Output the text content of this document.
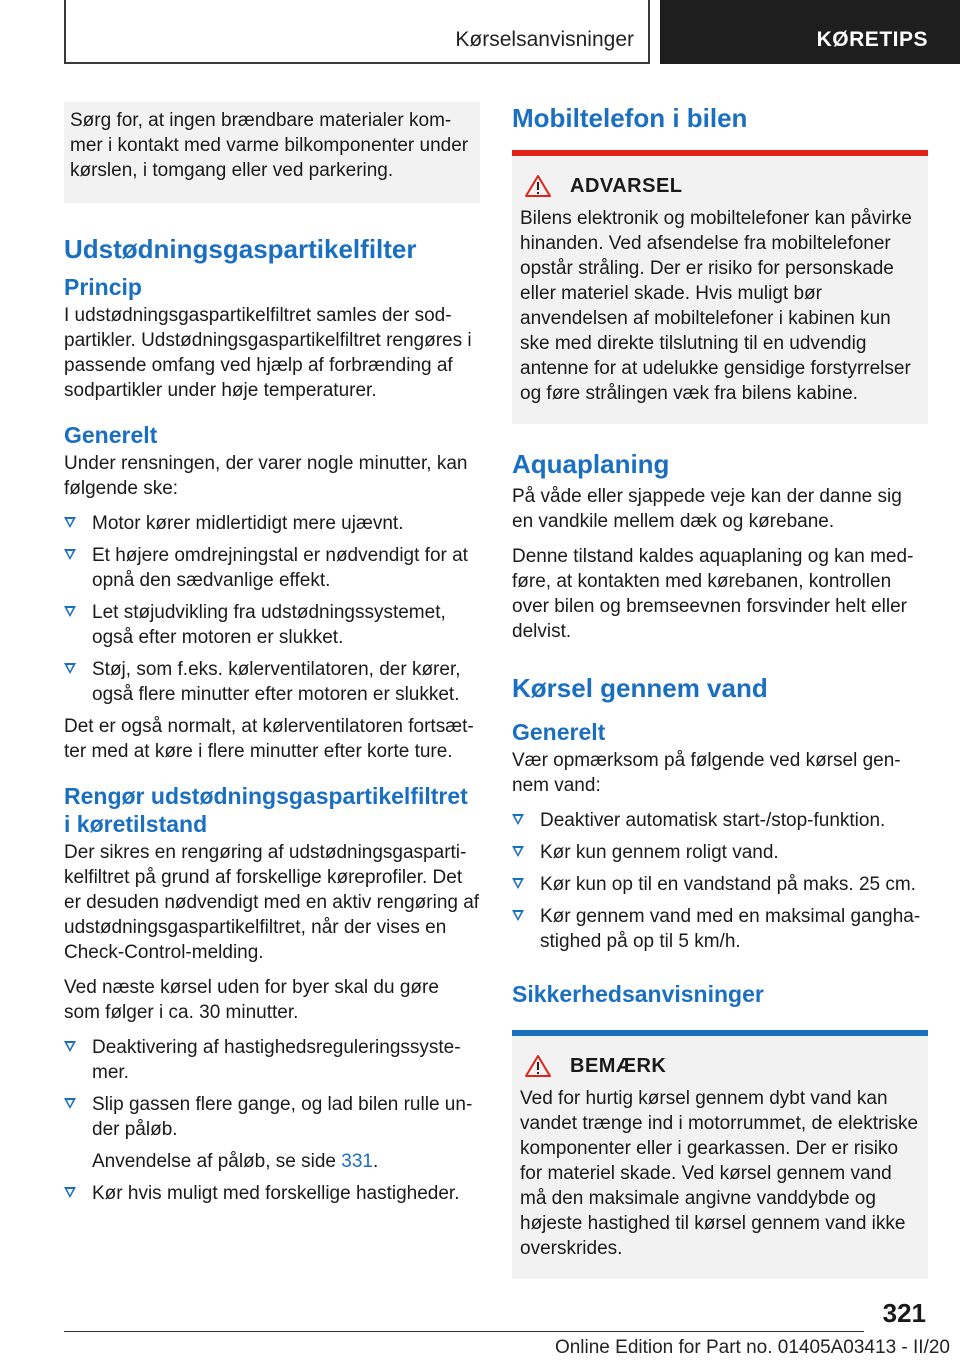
Kørselsanvisninger	KØRETIPS
Sørg for, at ingen brændbare materialer kommer i kontakt med varme bilkomponenter under kørslen, i tomgang eller ved parkering.
Udstødningsgaspartikelfilter
Princip

I udstødningsgaspartikelfiltret samles der sodpartikler. Udstødningsgaspartikelfiltret rengøres i passende omfang ved hjælp af forbrænding af sodpartikler under høje temperaturer.

Generelt

Under rensningen, der varer nogle minutter, kan følgende ske:

Motor kører midlertidigt mere ujævnt.
Et højere omdrejningstal er nødvendigt for at opnå den sædvanlige effekt.
Let støjudvikling fra udstødningssystemet, også efter motoren er slukket.
Støj, som f.eks. kølerventilatoren, der kører, også flere minutter efter motoren er slukket.

Det er også normalt, at kølerventilatoren fortsætter med at køre i flere minutter efter korte ture.

Rengør udstødningsgaspartikelfiltret i køretilstand

Der sikres en rengøring af udstødningsgaspartikelfiltret på grund af forskellige køreprofiler. Det er desuden nødvendigt med en aktiv rengøring af udstødningsgaspartikelfiltret, når der vises en Check-Control-melding.

Ved næste kørsel uden for byer skal du gøre som følger i ca. 30 minutter.

Deaktivering af hastighedsreguleringssystemer.
Slip gassen flere gange, og lad bilen rulle under påløb.
Anvendelse af påløb, se side 331.
Kør hvis muligt med forskellige hastigheder.
Mobiltelefon i bilen
ADVARSEL
Bilens elektronik og mobiltelefoner kan påvirke hinanden. Ved afsendelse fra mobiltelefoner opstår stråling. Der er risiko for personskade eller materiel skade. Hvis muligt bør anvendelsen af mobiltelefoner i kabinen kun ske med direkte tilslutning til en udvendig antenne for at udelukke gensidige forstyrrelser og føre strålingen væk fra bilens kabine.
Aquaplaning

På våde eller sjappede veje kan der danne sig en vandkile mellem dæk og kørebane.

Denne tilstand kaldes aquaplaning og kan medføre, at kontakten med kørebanen, kontrollen over bilen og bremseevnen forsvinder helt eller delvist.

Kørsel gennem vand
Generelt

Vær opmærksom på følgende ved kørsel gennem vand:

Deaktiver automatisk start-/stop-funktion.
Kør kun gennem roligt vand.
Kør kun op til en vandstand på maks. 25 cm.
Kør gennem vand med en maksimal ganghastighed på op til 5 km/h.
Sikkerhedsanvisninger
BEMÆRK
Ved for hurtig kørsel gennem dybt vand kan vandet trænge ind i motorrummet, de elektriske komponenter eller i gearkassen. Der er risiko for materiel skade. Ved kørsel gennem vand må den maksimale angivne vanddybde og højeste hastighed til kørsel gennem vand ikke overskrides.
321
Online Edition for Part no. 01405A03413 - II/20
